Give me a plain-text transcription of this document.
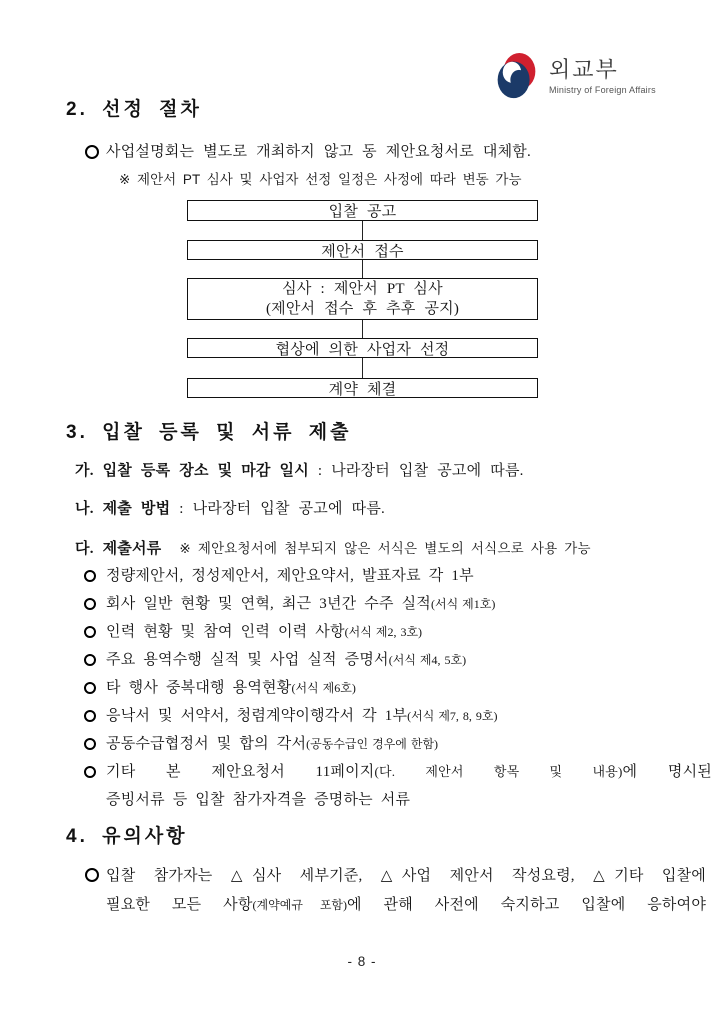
외교부
Ministry of Foreign Affairs
2. 선정 절차
사업설명회는 별도로 개최하지 않고 동 제안요청서로 대체함.
※ 제안서 PT 심사 및 사업자 선정 일정은 사정에 따라 변동 가능
입찰 공고
제안서 접수
심사 : 제안서 PT 심사
(제안서 접수 후 추후 공지)
협상에 의한 사업자 선정
계약 체결
3. 입찰 등록 및 서류 제출
가. 입찰 등록 장소 및 마감 일시 : 나라장터 입찰 공고에 따름.
나. 제출 방법 : 나라장터 입찰 공고에 따름.
다. 제출서류 ※ 제안요청서에 첨부되지 않은 서식은 별도의 서식으로 사용 가능
정량제안서, 정성제안서, 제안요약서, 발표자료 각 1부
회사 일반 현황 및 연혁, 최근 3년간 수주 실적(서식 제1호)
인력 현황 및 참여 인력 이력 사항(서식 제2, 3호)
주요 용역수행 실적 및 사업 실적 증명서(서식 제4, 5호)
타 행사 중복대행 용역현황(서식 제6호)
응낙서 및 서약서, 청렴계약이행각서 각 1부(서식 제7, 8, 9호)
공동수급협정서 및 합의 각서(공동수급인 경우에 한함)
기타 본 제안요청서 11페이지(다. 제안서 항목 및 내용)에 명시된
증빙서류 등 입찰 참가자격을 증명하는 서류
4. 유의사항
입찰 참가자는 △심사 세부기준, △사업 제안서 작성요령, △기타 입찰에
필요한 모든 사항(계약예규 포함)에 관해 사전에 숙지하고 입찰에 응하여야
- 8 -
